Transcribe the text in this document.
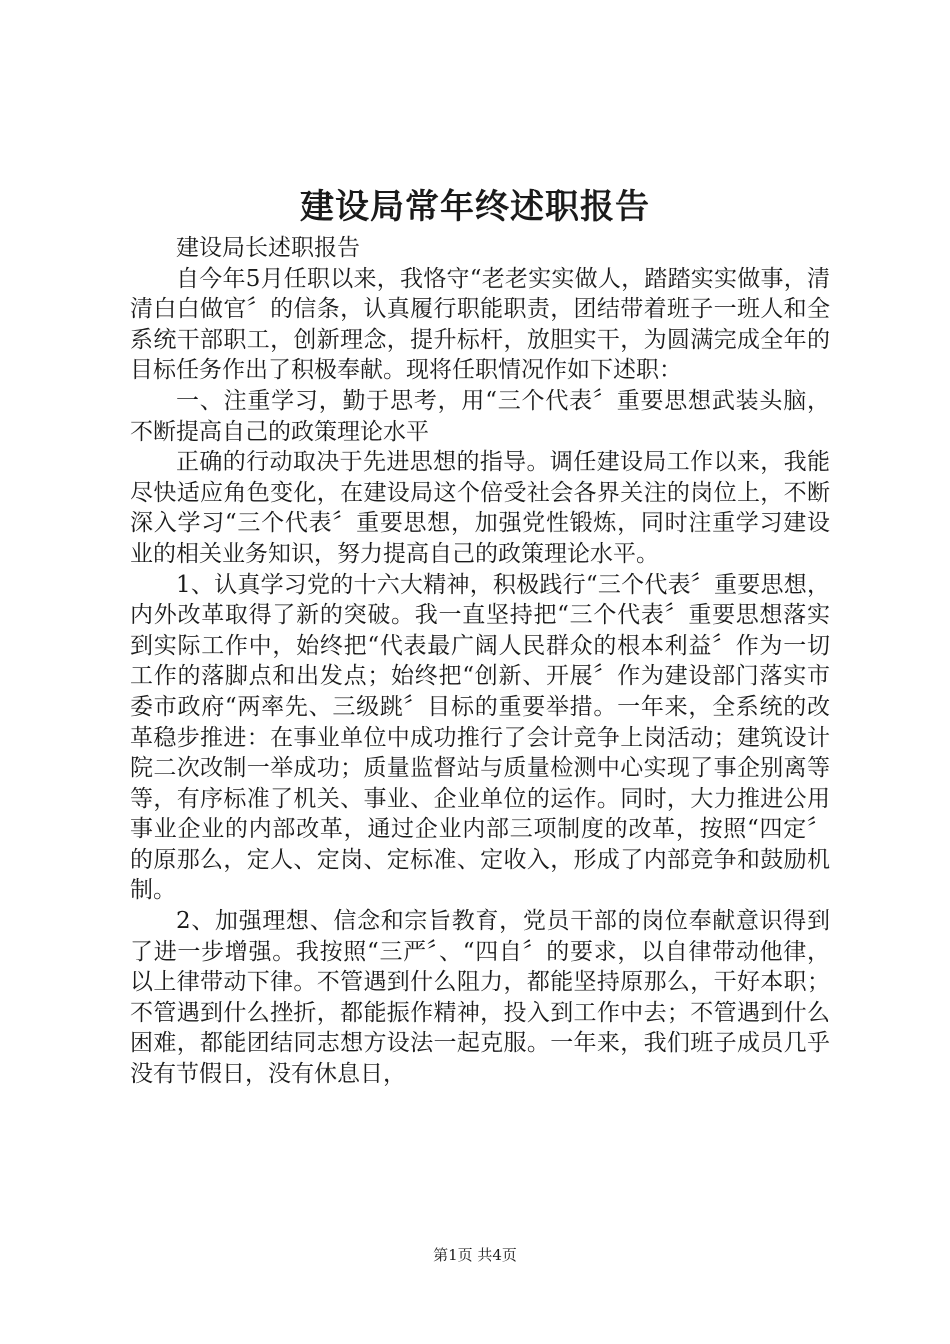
建设局常年终述职报告

建设局长述职报告

自今年5月任职以来，我恪守“老老实实做人，踏踏实实做事，清清白白做官〞的信条，认真履行职能职责，团结带着班子一班人和全系统干部职工，创新理念，提升标杆，放胆实干，为圆满完成全年的目标任务作出了积极奉献。现将任职情况作如下述职：

一、注重学习，勤于思考，用“三个代表〞重要思想武装头脑，不断提高自己的政策理论水平

正确的行动取决于先进思想的指导。调任建设局工作以来，我能尽快适应角色变化，在建设局这个倍受社会各界关注的岗位上，不断深入学习“三个代表〞重要思想，加强党性锻炼，同时注重学习建设业的相关业务知识，努力提高自己的政策理论水平。

1、认真学习党的十六大精神，积极践行“三个代表〞重要思想，内外改革取得了新的突破。我一直坚持把“三个代表〞重要思想落实到实际工作中，始终把“代表最广阔人民群众的根本利益〞作为一切工作的落脚点和出发点；始终把“创新、开展〞作为建设部门落实市委市政府“两率先、三级跳〞目标的重要举措。一年来，全系统的改革稳步推进：在事业单位中成功推行了会计竞争上岗活动；建筑设计院二次改制一举成功；质量监督站与质量检测中心实现了事企别离等等，有序标准了机关、事业、企业单位的运作。同时，大力推进公用事业企业的内部改革，通过企业内部三项制度的改革，按照“四定〞的原那么，定人、定岗、定标准、定收入，形成了内部竞争和鼓励机制。

2、加强理想、信念和宗旨教育，党员干部的岗位奉献意识得到了进一步增强。我按照“三严〞、“四自〞的要求，以自律带动他律，以上律带动下律。不管遇到什么阻力，都能坚持原那么，干好本职；不管遇到什么挫折，都能振作精神，投入到工作中去；不管遇到什么困难，都能团结同志想方设法一起克服。一年来，我们班子成员几乎没有节假日，没有休息日，

第1页 共4页
